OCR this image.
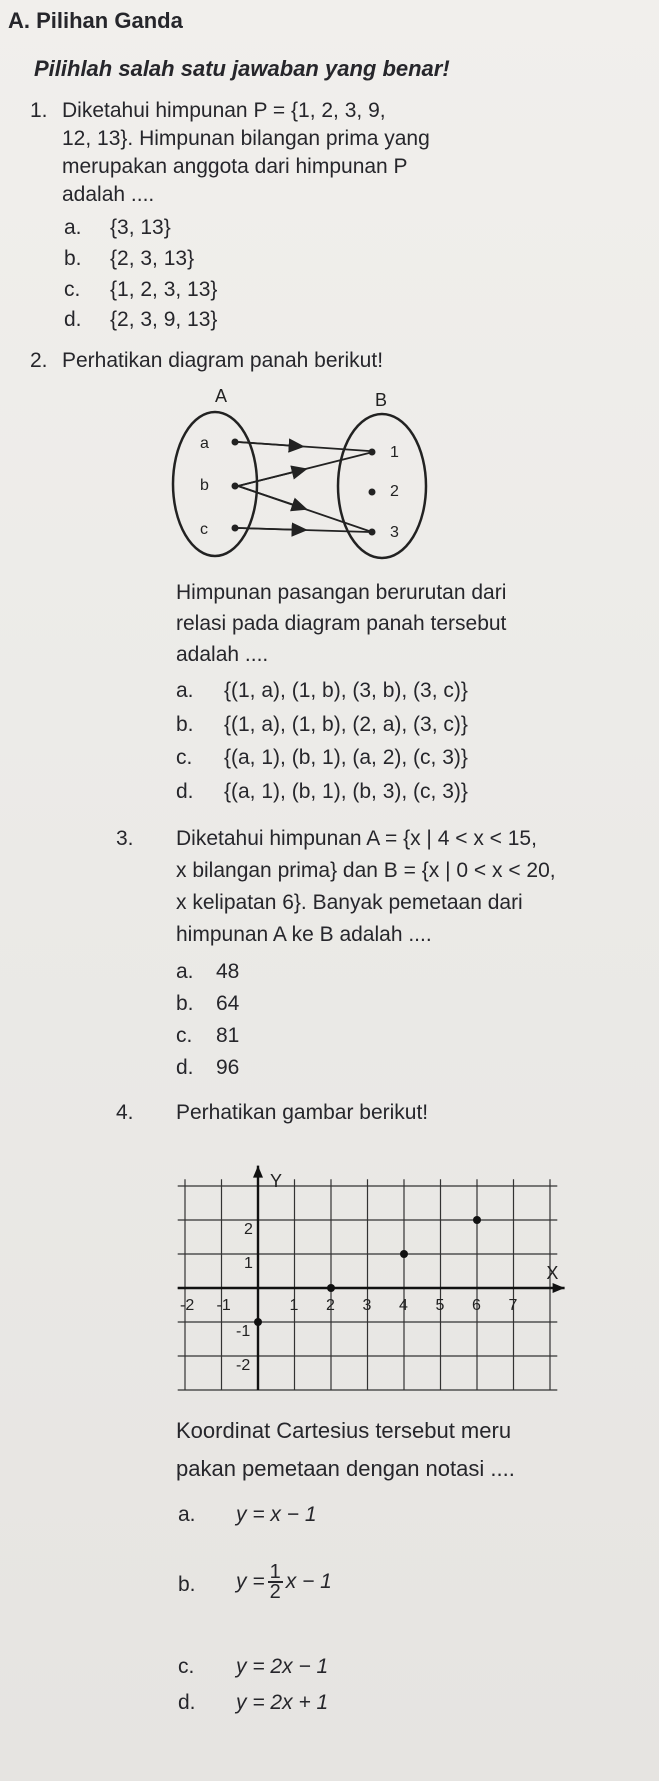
A. Pilihan Ganda
Pilihlah salah satu jawaban yang benar!
1. Diketahui himpunan P = {1, 2, 3, 9,
12, 13}. Himpunan bilangan prima yang
merupakan anggota dari himpunan P
adalah ....
a. {3, 13}
b. {2, 3, 13}
c. {1, 2, 3, 13}
d. {2, 3, 9, 13}
2. Perhatikan diagram panah berikut!
A	B
a
b
c
1
2
3
Himpunan pasangan berurutan dari
relasi pada diagram panah tersebut
adalah ....
a. {(1, a), (1, b), (3, b), (3, c)}
b. {(1, a), (1, b), (2, a), (3, c)}
c. {(a, 1), (b, 1), (a, 2), (c, 3)}
d. {(a, 1), (b, 1), (b, 3), (c, 3)}
3. Diketahui himpunan A = {x | 4 < x < 15,
x bilangan prima} dan B = {x | 0 < x < 20,
x kelipatan 6}. Banyak pemetaan dari
himpunan A ke B adalah ....
a. 48
b. 64
c. 81
d. 96
4. Perhatikan gambar berikut!
Y
X
-2 -1	1 2 3 4 5 6 7
2
1
-1
-2
Koordinat Cartesius tersebut meru
pakan pemetaan dengan notasi ....
a. y = x − 1
b. $y = \frac{1}{2}$ x − 1
c. y = 2x − 1
d. y = 2x + 1
